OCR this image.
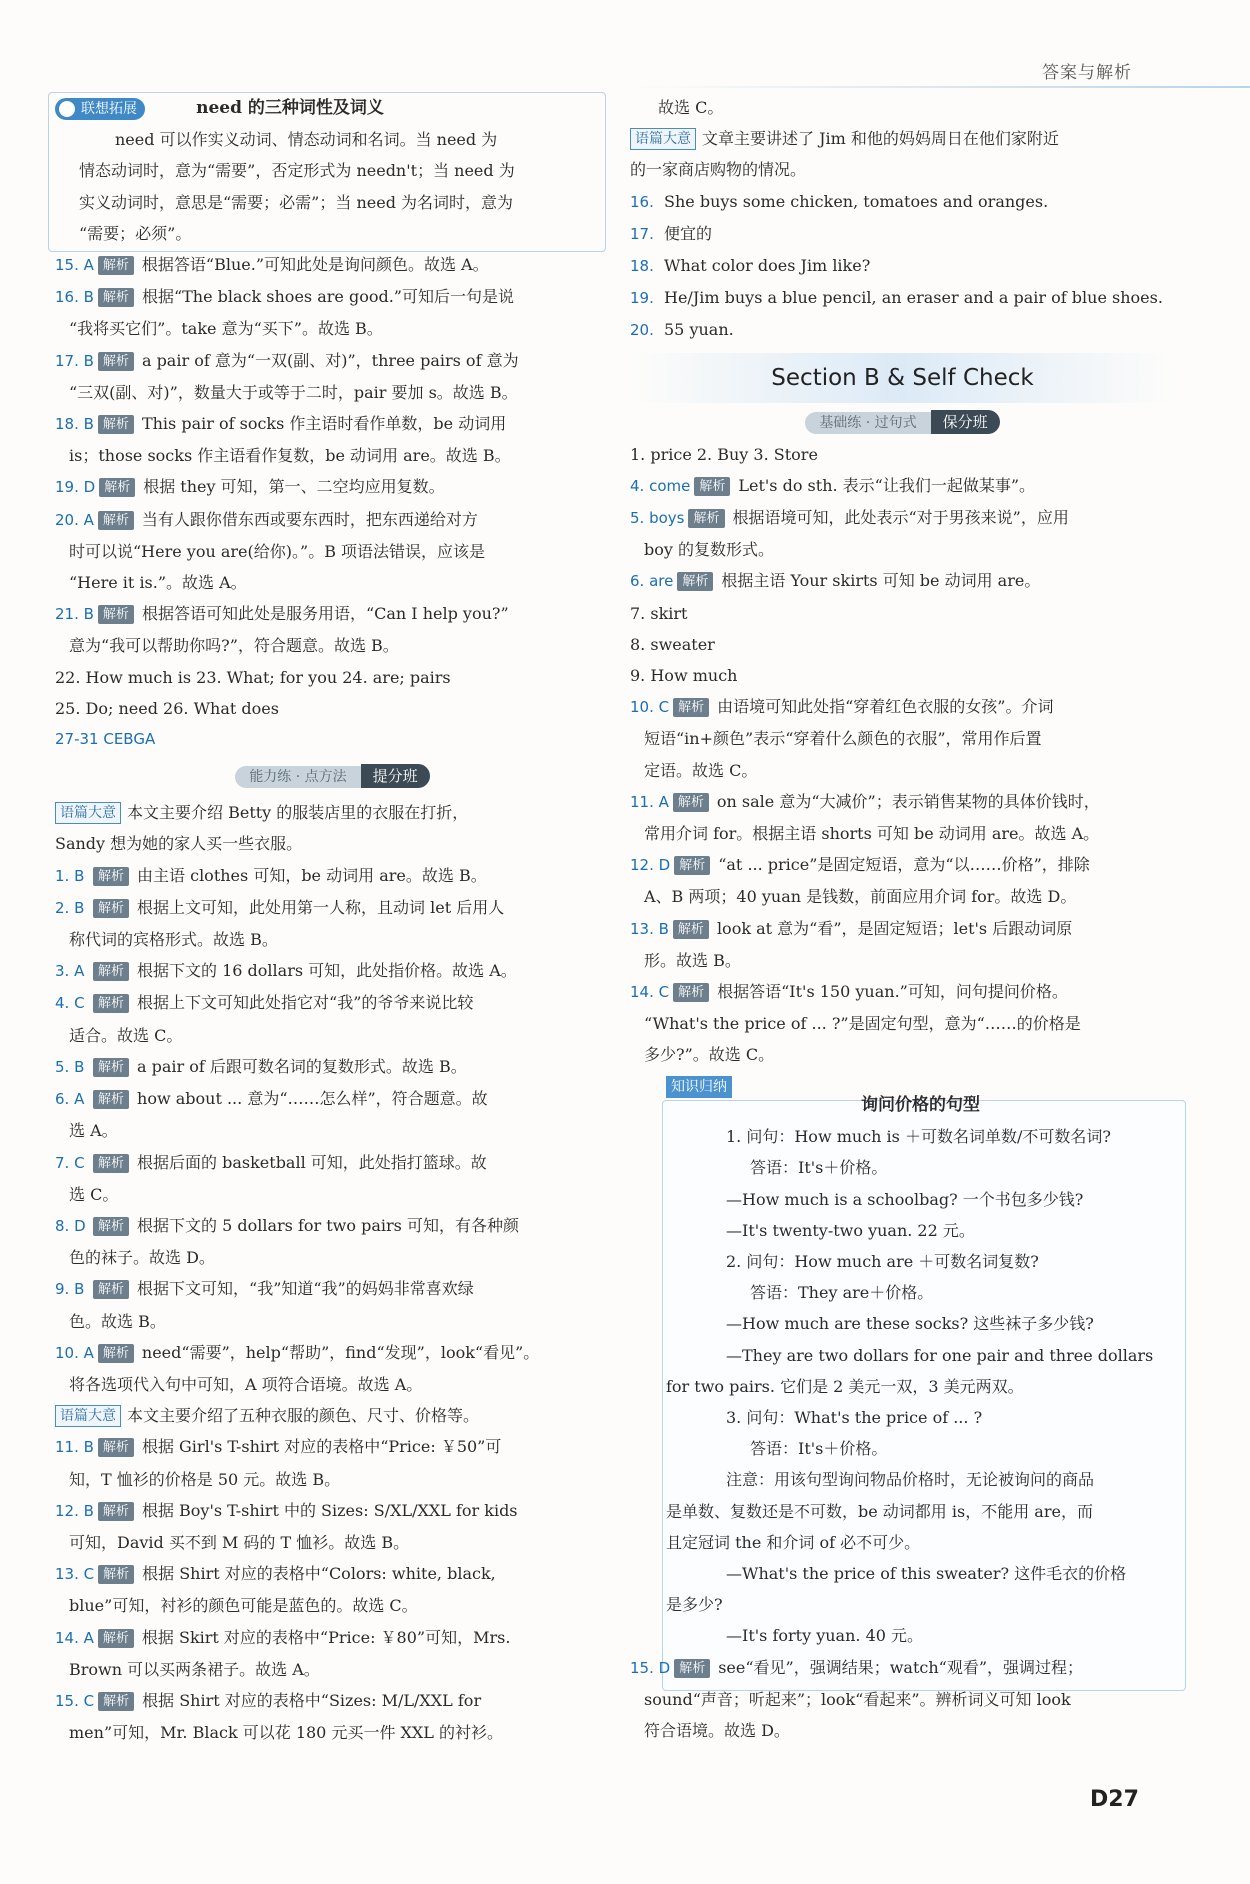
答案与解析
联想拓展	need 的三种词性及词义
need 可以作实义动词、情态动词和名词。当 need 为
情态动词时，意为“需要”，否定形式为 needn't；当 need 为
实义动词时，意思是“需要；必需”；当 need 为名词时，意为
“需要；必须”。
15. A 解析 根据答语“Blue.”可知此处是询问颜色。故选 A。
16. B 解析 根据“The black shoes are good.”可知后一句是说
“我将买它们”。take 意为“买下”。故选 B。
17. B 解析 a pair of 意为“一双(副、对)”，three pairs of 意为
“三双(副、对)”，数量大于或等于二时，pair 要加 s。故选 B。
18. B 解析 This pair of socks 作主语时看作单数，be 动词用
is；those socks 作主语看作复数，be 动词用 are。故选 B。
19. D 解析 根据 they 可知，第一、二空均应用复数。
20. A 解析 当有人跟你借东西或要东西时，把东西递给对方
时可以说“Here you are(给你)。”。B 项语法错误，应该是
“Here it is.”。故选 A。
21. B 解析 根据答语可知此处是服务用语，“Can I help you?”
意为“我可以帮助你吗?”，符合题意。故选 B。
22. How much is 23. What; for you 24. are; pairs
25. Do; need 26. What does
27-31 CEBGA
能力练 · 点方法 提分班
语篇大意 本文主要介绍 Betty 的服装店里的衣服在打折，
Sandy 想为她的家人买一些衣服。
1. B 解析 由主语 clothes 可知，be 动词用 are。故选 B。
2. B 解析 根据上文可知，此处用第一人称，且动词 let 后用人
称代词的宾格形式。故选 B。
3. A 解析 根据下文的 16 dollars 可知，此处指价格。故选 A。
4. C 解析 根据上下文可知此处指它对“我”的爷爷来说比较
适合。故选 C。
5. B 解析 a pair of 后跟可数名词的复数形式。故选 B。
6. A 解析 how about ... 意为“……怎么样”，符合题意。故
选 A。
7. C 解析 根据后面的 basketball 可知，此处指打篮球。故
选 C。
8. D 解析 根据下文的 5 dollars for two pairs 可知，有各种颜
色的袜子。故选 D。
9. B 解析 根据下文可知，“我”知道“我”的妈妈非常喜欢绿
色。故选 B。
10. A 解析 need“需要”，help“帮助”，find“发现”，look“看见”。
将各选项代入句中可知，A 项符合语境。故选 A。
语篇大意 本文主要介绍了五种衣服的颜色、尺寸、价格等。
11. B 解析 根据 Girl's T-shirt 对应的表格中“Price: ￥50”可
知，T 恤衫的价格是 50 元。故选 B。
12. B 解析 根据 Boy's T-shirt 中的 Sizes: S/XL/XXL for kids
可知，David 买不到 M 码的 T 恤衫。故选 B。
13. C 解析 根据 Shirt 对应的表格中“Colors: white, black,
blue”可知，衬衫的颜色可能是蓝色的。故选 C。
14. A 解析 根据 Skirt 对应的表格中“Price: ￥80”可知，Mrs.
Brown 可以买两条裙子。故选 A。
15. C 解析 根据 Shirt 对应的表格中“Sizes: M/L/XXL for
men”可知，Mr. Black 可以花 180 元买一件 XXL 的衬衫。
故选 C。
语篇大意 文章主要讲述了 Jim 和他的妈妈周日在他们家附近
的一家商店购物的情况。
16. She buys some chicken, tomatoes and oranges.
17. 便宜的
18. What color does Jim like?
19. He/Jim buys a blue pencil, an eraser and a pair of blue shoes.
20. 55 yuan.
Section B & Self Check
基础练 · 过句式 保分班
1. price 2. Buy 3. Store
4. come 解析 Let's do sth. 表示“让我们一起做某事”。
5. boys 解析 根据语境可知，此处表示“对于男孩来说”，应用
boy 的复数形式。
6. are 解析 根据主语 Your skirts 可知 be 动词用 are。
7. skirt
8. sweater
9. How much
10. C 解析 由语境可知此处指“穿着红色衣服的女孩”。介词
短语“in+颜色”表示“穿着什么颜色的衣服”，常用作后置
定语。故选 C。
11. A 解析 on sale 意为“大减价”；表示销售某物的具体价钱时，
常用介词 for。根据主语 shorts 可知 be 动词用 are。故选 A。
12. D 解析 “at ... price”是固定短语，意为“以……价格”，排除
A、B 两项；40 yuan 是钱数，前面应用介词 for。故选 D。
13. B 解析 look at 意为“看”，是固定短语；let's 后跟动词原
形。故选 B。
14. C 解析 根据答语“It's 150 yuan.”可知，问句提问价格。
“What's the price of ... ?”是固定句型，意为“……的价格是
多少?”。故选 C。
知识归纳
询问价格的句型
1. 问句：How much is ＋可数名词单数/不可数名词?
答语：It's＋价格。
—How much is a schoolbag? 一个书包多少钱?
—It's twenty-two yuan. 22 元。
2. 问句：How much are ＋可数名词复数?
答语：They are＋价格。
—How much are these socks? 这些袜子多少钱?
—They are two dollars for one pair and three dollars
for two pairs. 它们是 2 美元一双，3 美元两双。
3. 问句：What's the price of ... ?
答语：It's＋价格。
注意：用该句型询问物品价格时，无论被询问的商品
是单数、复数还是不可数，be 动词都用 is，不能用 are，而
且定冠词 the 和介词 of 必不可少。
—What's the price of this sweater? 这件毛衣的价格
是多少?
—It's forty yuan. 40 元。
15. D 解析 see“看见”，强调结果；watch“观看”，强调过程；
sound“声音；听起来”；look“看起来”。辨析词义可知 look
符合语境。故选 D。
D27
